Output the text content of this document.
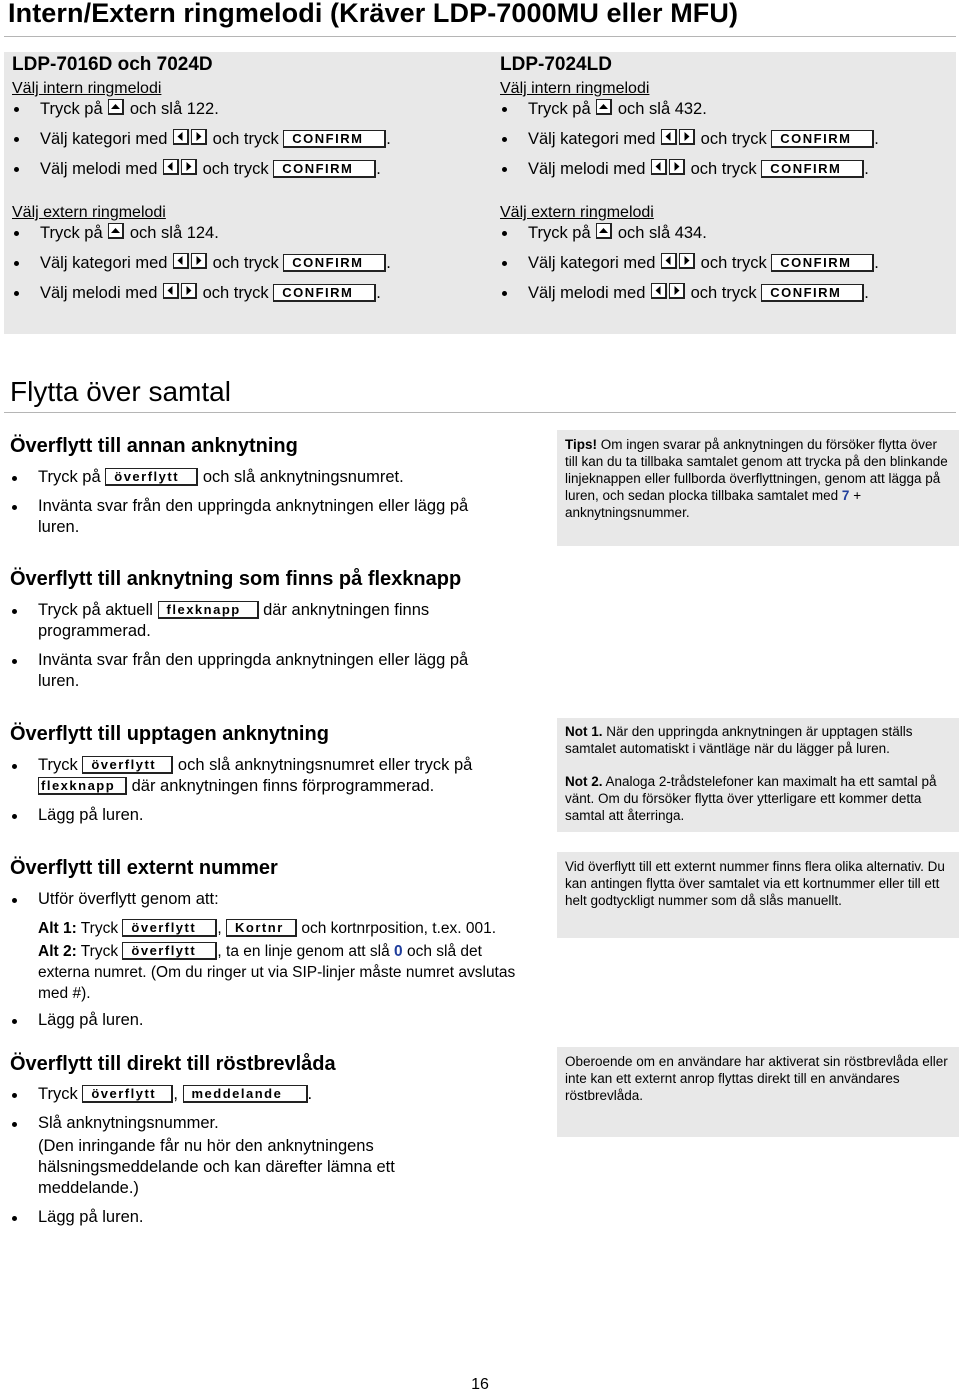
Intern/Extern ringmelodi (Kräver LDP-7000MU eller MFU)
LDP-7016D och 7024D
Välj intern ringmelodi
Tryck på och slå 122.
Välj kategori med	och tryck CONFIRM .
Välj melodi med	och tryck CONFIRM .
Välj extern ringmelodi
Tryck på och slå 124.
Välj kategori med	och tryck CONFIRM .
Välj melodi med	och tryck CONFIRM .
LDP-7024LD
Välj intern ringmelodi
Tryck på och slå 432.
Välj kategori med	och tryck CONFIRM .
Välj melodi med	och tryck CONFIRM .
Välj extern ringmelodi
Tryck på och slå 434.
Välj kategori med	och tryck CONFIRM .
Välj melodi med	och tryck CONFIRM .
Flytta över samtal
Överflytt till annan anknytning
Tryck på överflytt och slå anknytningsnumret.
Invänta svar från den uppringda anknytningen eller lägg på
luren.
Tips! Om ingen svarar på anknytningen du försöker flytta över till kan du ta tillbaka samtalet genom att trycka på den blinkande linjeknappen eller fullborda överflyttningen, genom att lägga på luren, och sedan plocka tillbaka samtalet med 7 + anknytningsnummer.
Överflytt till anknytning som finns på flexknapp
Tryck på aktuell flexknapp där anknytningen finns
programmerad.
Invänta svar från den uppringda anknytningen eller lägg på
luren.
Överflytt till upptagen anknytning
Tryck överflytt och slå anknytningsnumret eller tryck på
flexknapp där anknytningen finns förprogrammerad.
Lägg på luren.
Not 1. När den uppringda anknytningen är upptagen ställs samtalet automatiskt i väntläge när du lägger på luren.
Not 2. Analoga 2-trådstelefoner kan maximalt ha ett samtal på vänt. Om du försöker flytta över ytterligare ett kommer detta samtal att återringa.
Överflytt till externt nummer
Utför överflytt genom att:
Alt 1: Tryck överflytt , Kortnr och kortnrposition, t.ex. 001.
Alt 2: Tryck överflytt , ta en linje genom att slå 0 och slå det
externa numret. (Om du ringer ut via SIP-linjer måste numret avslutas
med #).
Lägg på luren.
Vid överflytt till ett externt nummer finns flera olika alternativ. Du kan antingen flytta över samtalet via ett kortnummer eller till ett helt godtyckligt nummer som då slås manuellt.
Överflytt till direkt till röstbrevlåda
Tryck överflytt , meddelande .
Slå anknytningsnummer.
(Den inringande får nu hör den anknytningens
hälsningsmeddelande och kan därefter lämna ett
meddelande.)
Lägg på luren.
Oberoende om en användare har aktiverat sin röstbrevlåda eller inte kan ett externt anrop flyttas direkt till en användares röstbrevlåda.
16
